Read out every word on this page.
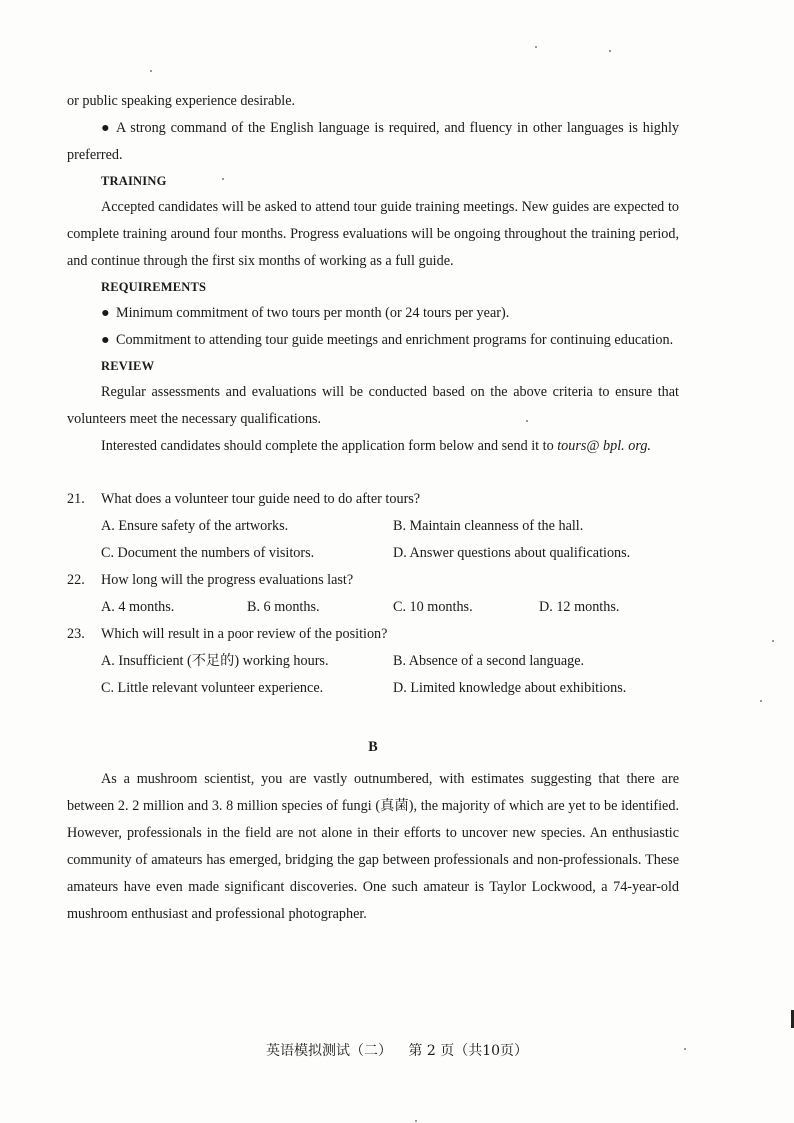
or public speaking experience desirable.

● A strong command of the English language is required, and fluency in other languages is highly preferred.

TRAINING

Accepted candidates will be asked to attend tour guide training meetings. New guides are expected to complete training around four months. Progress evaluations will be ongoing throughout the training period, and continue through the first six months of working as a full guide.

REQUIREMENTS

● Minimum commitment of two tours per month (or 24 tours per year).

● Commitment to attending tour guide meetings and enrichment programs for continuing education.

REVIEW

Regular assessments and evaluations will be conducted based on the above criteria to ensure that volunteers meet the necessary qualifications.

Interested candidates should complete the application form below and send it to tours@ bpl. org.

21. What does a volunteer tour guide need to do after tours?

A. Ensure safety of the artworks.	B. Maintain cleanness of the hall.
C. Document the numbers of visitors.	D. Answer questions about qualifications.

22. How long will the progress evaluations last?

A. 4 months.	B. 6 months.	C. 10 months.	D. 12 months.

23. Which will result in a poor review of the position?

A. Insufficient (不足的) working hours.	B. Absence of a second language.
C. Little relevant volunteer experience.	D. Limited knowledge about exhibitions.

B

As a mushroom scientist, you are vastly outnumbered, with estimates suggesting that there are between 2. 2 million and 3. 8 million species of fungi (真菌), the majority of which are yet to be identified. However, professionals in the field are not alone in their efforts to uncover new species. An enthusiastic community of amateurs has emerged, bridging the gap between professionals and non-professionals. These amateurs have even made significant discoveries. One such amateur is Taylor Lockwood, a 74-year-old mushroom enthusiast and professional photographer.

英语模拟测试（二） 第 2 页（共10页）
